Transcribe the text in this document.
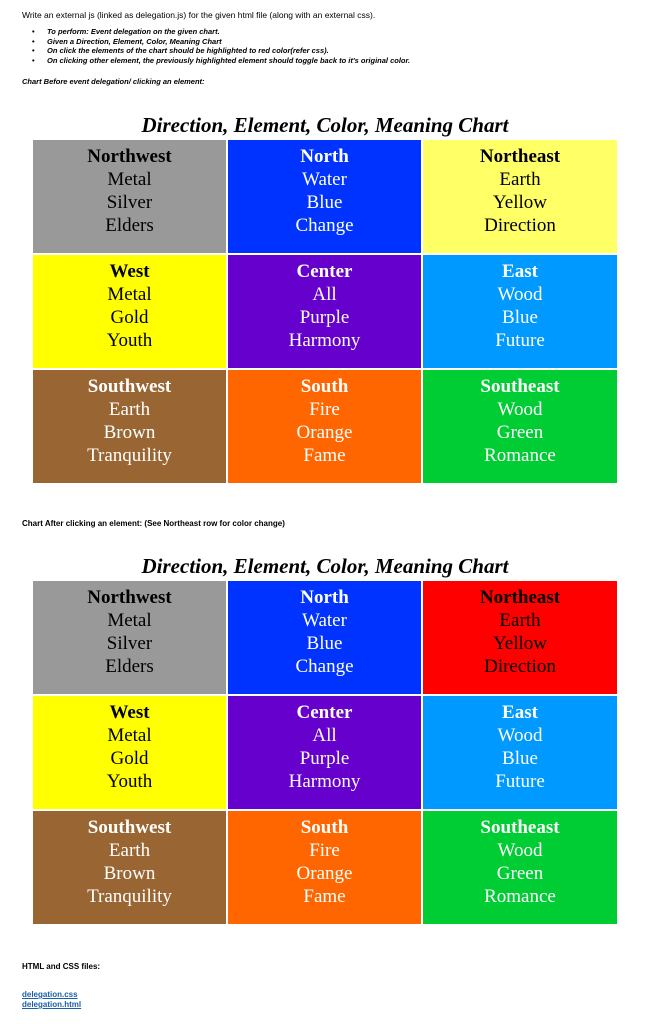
Write an external js (linked as delegation.js) for the given html file (along with an external css).
• To perform: Event delegation on the given chart.
• Given a Direction, Element, Color, Meaning Chart
• On click the elements of the chart should be highlighted to red color(refer css).
• On clicking other element, the previously highlighted element should toggle back to it's original color.
Chart Before event delegation/ clicking an element:
Direction, Element, Color, Meaning Chart
Northwest
Metal
Silver
Elders
North
Water
Blue
Change
Northeast
Earth
Yellow
Direction
West
Metal
Gold
Youth
Center
All
Purple
Harmony
East
Wood
Blue
Future
Southwest
Earth
Brown
Tranquility
South
Fire
Orange
Fame
Southeast
Wood
Green
Romance
Chart After clicking an element: (See Northeast row for color change)
Direction, Element, Color, Meaning Chart
Northwest
Metal
Silver
Elders
North
Water
Blue
Change
Northeast
Earth
Yellow
Direction
West
Metal
Gold
Youth
Center
All
Purple
Harmony
East
Wood
Blue
Future
Southwest
Earth
Brown
Tranquility
South
Fire
Orange
Fame
Southeast
Wood
Green
Romance
HTML and CSS files:
delegation.css
delegation.html
